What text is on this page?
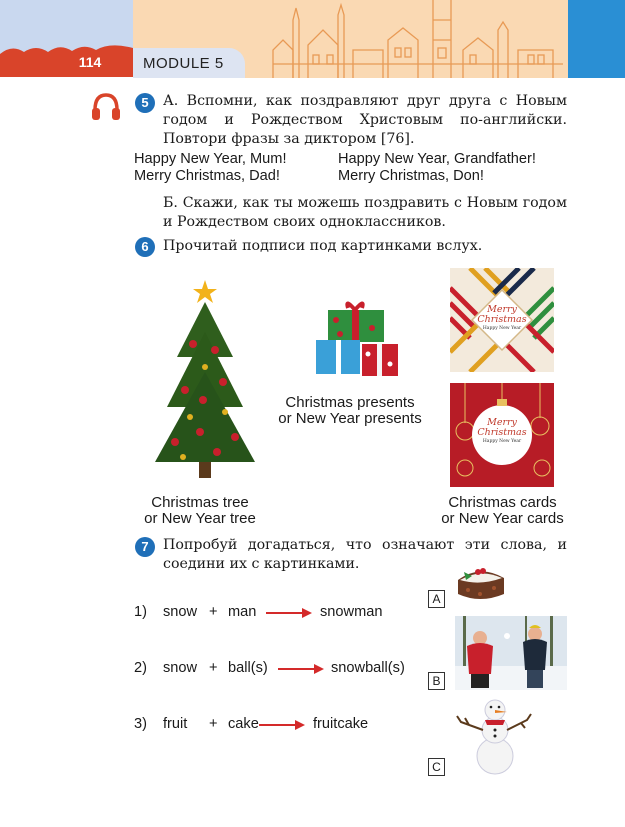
114	MODULE 5
5	А. Вспомни, как поздравляют друг друга с Новым годом и Рождеством Христовым по-английски. Повтори фразы за диктором [76].
Happy New Year, Mum!	Happy New Year, Grandfather!
Merry Christmas, Dad!	Merry Christmas, Don!
Б. Скажи, как ты можешь поздравить с Новым годом и Рождеством своих одноклассников.
6	Прочитай подписи под картинками вслух.
Christmas tree
or New Year tree
Christmas presents
or New Year presents
Merry
Christmas
Happy New Year
Merry
Christmas
Happy New Year
Christmas cards
or New Year cards
7	Попробуй догадаться, что означают эти слова, и соедини их с картинками.
1) snow + man	snowman
2) snow + ball(s)	snowball(s)
3) fruit + cake	fruitcake
A
B
C
